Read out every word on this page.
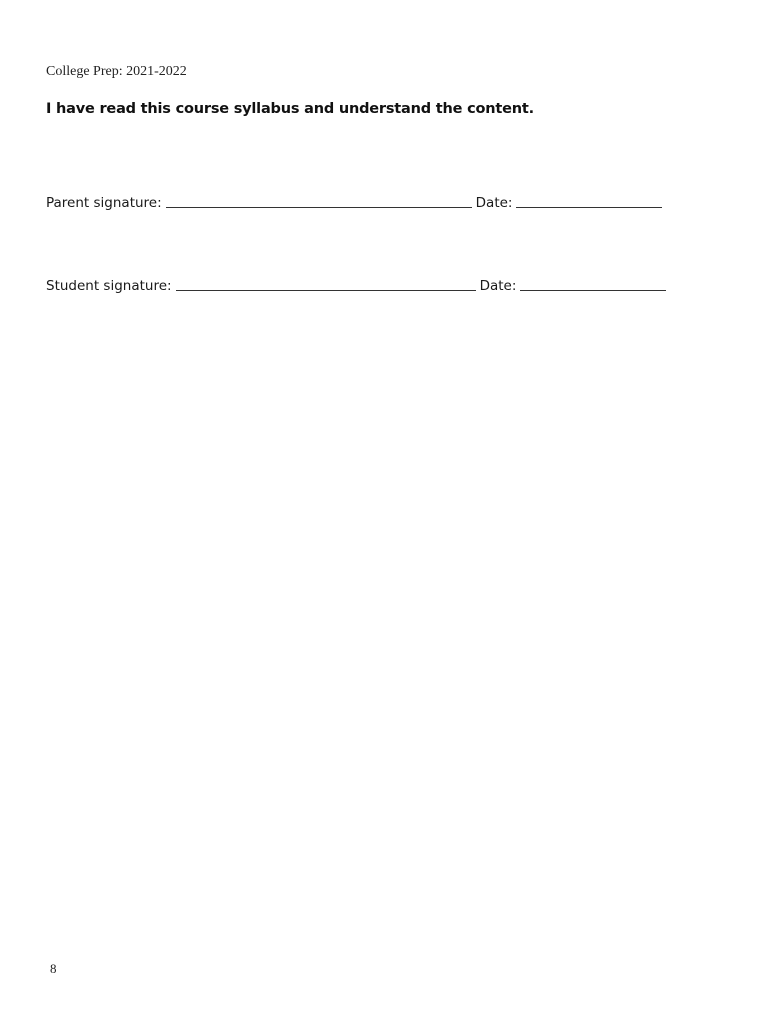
College Prep: 2021-2022
I have read this course syllabus and understand the content.
Parent signature:	Date:
Student signature:	Date:
8
